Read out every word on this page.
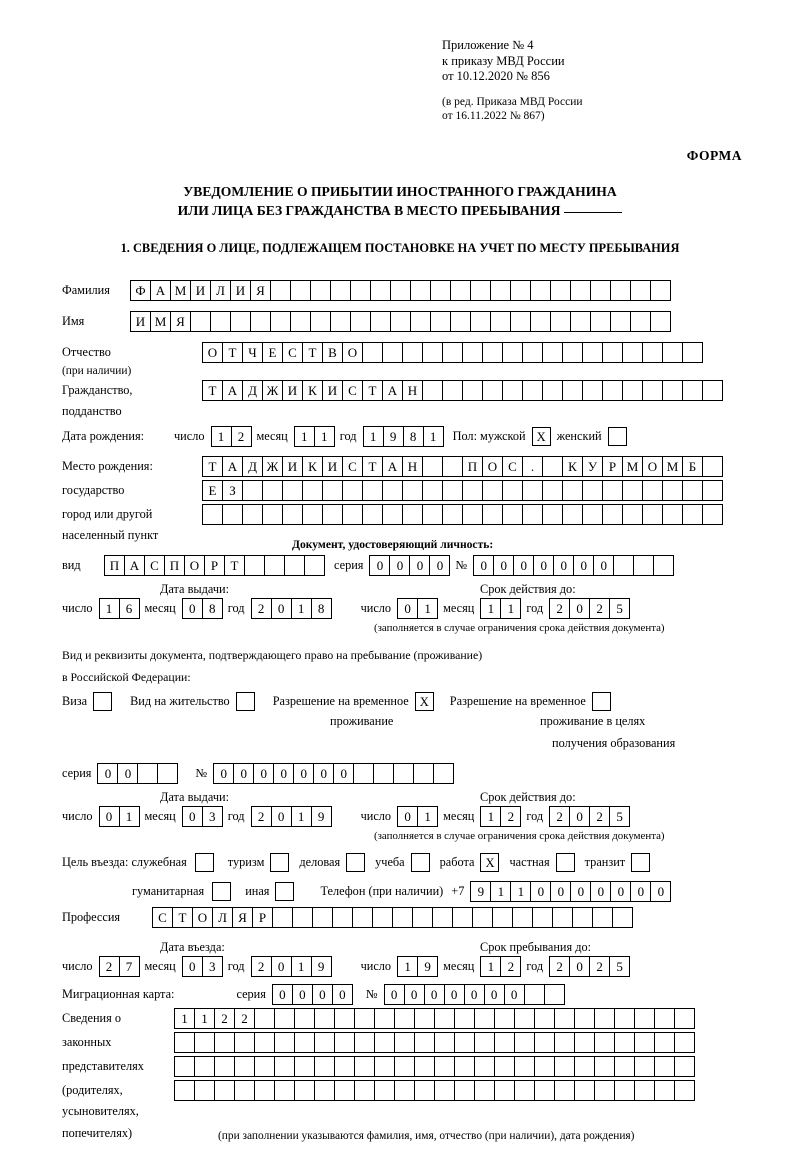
Приложение № 4
к приказу МВД России
от 10.12.2020 № 856
(в ред. Приказа МВД России
от 16.11.2022 № 867)
ФОРМА
УВЕДОМЛЕНИЕ О ПРИБЫТИИ ИНОСТРАННОГО ГРАЖДАНИНА
ИЛИ ЛИЦА БЕЗ ГРАЖДАНСТВА В МЕСТО ПРЕБЫВАНИЯ
1. СВЕДЕНИЯ О ЛИЦЕ, ПОДЛЕЖАЩЕМ ПОСТАНОВКЕ НА УЧЕТ ПО МЕСТУ ПРЕБЫВАНИЯ
Фамилия	Ф А М И Л И Я
Имя	И М Я
Отчество	О Т Ч Е С Т В О
(при наличии)
Гражданство,	Т А Д Ж И К И С Т А Н
подданство
Дата рождения:	число	1	2 месяц	1	1 год	1	9	8	1	Пол: мужской X женский
Место рождения:	Т А Д Ж И К И С Т А Н	П О С	.	К У Р М О М Б
государство	Е З
город или другой
населенный пункт
Документ, удостоверяющий личность:
вид	П А С П О Р Т	серия	0	0	0	0 №	0	0	0	0	0	0	0
Дата выдачи:	Срок действия до:
число	1	6 месяц	0	8 год	2	0	1	8	число	0	1 месяц	1	1 год	2	0	2	5
(заполняется в случае ограничения срока действия документа)
Вид и реквизиты документа, подтверждающего право на пребывание (проживание)
в Российской Федерации:
Виза	Вид на жительство	Разрешение на временное X	Разрешение на временное
проживание	проживание в целях
получения образования
серия	0	0	№	0	0	0	0	0	0	0
Дата выдачи:	Срок действия до:
число	0	1 месяц	0	3 год	2	0	1	9	число	0	1 месяц	1	2 год	2	0	2	5
(заполняется в случае ограничения срока действия документа)
Цель въезда: служебная	туризм	деловая	учеба	работа X	частная	транзит
гуманитарная	иная	Телефон (при наличии) +7	9	1	1	0	0	0	0	0	0	0
Профессия	С Т О Л Я Р
Дата въезда:	Срок пребывания до:
число	2	7 месяц	0	3 год	2	0	1	9	число	1	9 месяц	1	2 год	2	0	2	5
Миграционная карта:	серия	0	0	0	0	№	0	0	0	0	0	0	0
Сведения о	1	1	2	2
законных
представителях
(родителях,
усыновителях,
попечителях)	(при заполнении указываются фамилия, имя, отчество (при наличии), дата рождения)
